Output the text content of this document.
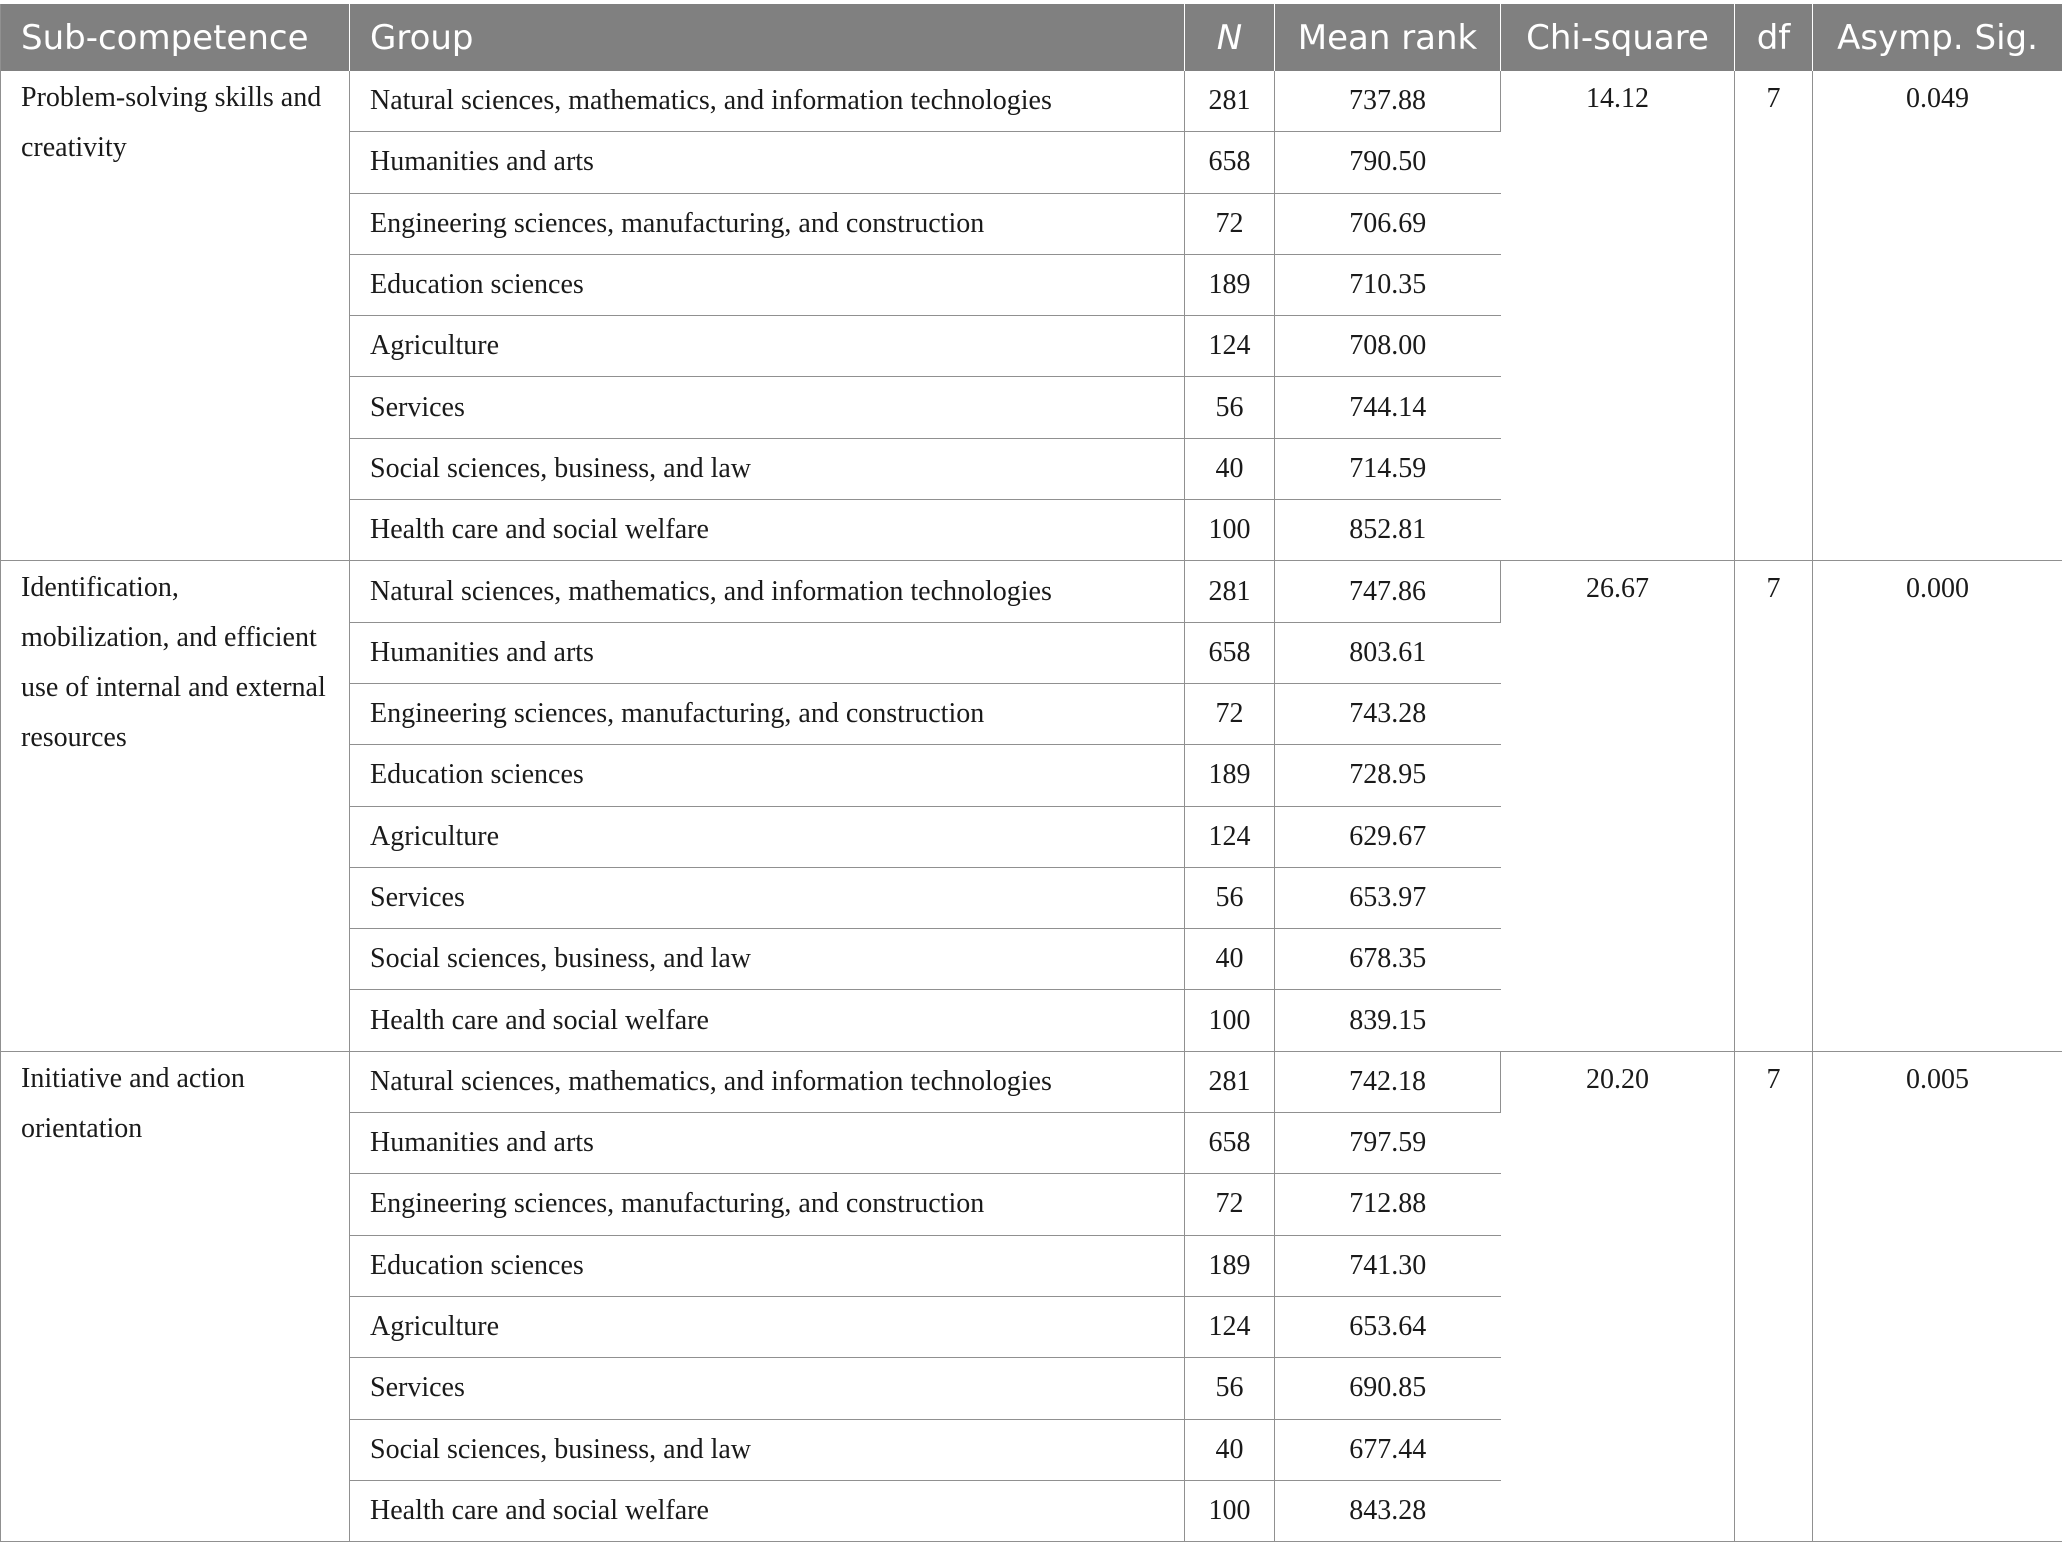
Sub-competence	Group	N	Mean rank	Chi-square	df	Asymp. Sig.
Problem-solving skills and creativity	Natural sciences, mathematics, and information technologies	281	737.88	14.12	7	0.049
	Humanities and arts	658	790.50			
	Engineering sciences, manufacturing, and construction	72	706.69			
	Education sciences	189	710.35			
	Agriculture	124	708.00			
	Services	56	744.14			
	Social sciences, business, and law	40	714.59			
	Health care and social welfare	100	852.81			
Identification, mobilization, and efficient use of internal and external resources	Natural sciences, mathematics, and information technologies	281	747.86	26.67	7	0.000
	Humanities and arts	658	803.61			
	Engineering sciences, manufacturing, and construction	72	743.28			
	Education sciences	189	728.95			
	Agriculture	124	629.67			
	Services	56	653.97			
	Social sciences, business, and law	40	678.35			
	Health care and social welfare	100	839.15			
Initiative and action orientation	Natural sciences, mathematics, and information technologies	281	742.18	20.20	7	0.005
	Humanities and arts	658	797.59			
	Engineering sciences, manufacturing, and construction	72	712.88			
	Education sciences	189	741.30			
	Agriculture	124	653.64			
	Services	56	690.85			
	Social sciences, business, and law	40	677.44			
	Health care and social welfare	100	843.28			
